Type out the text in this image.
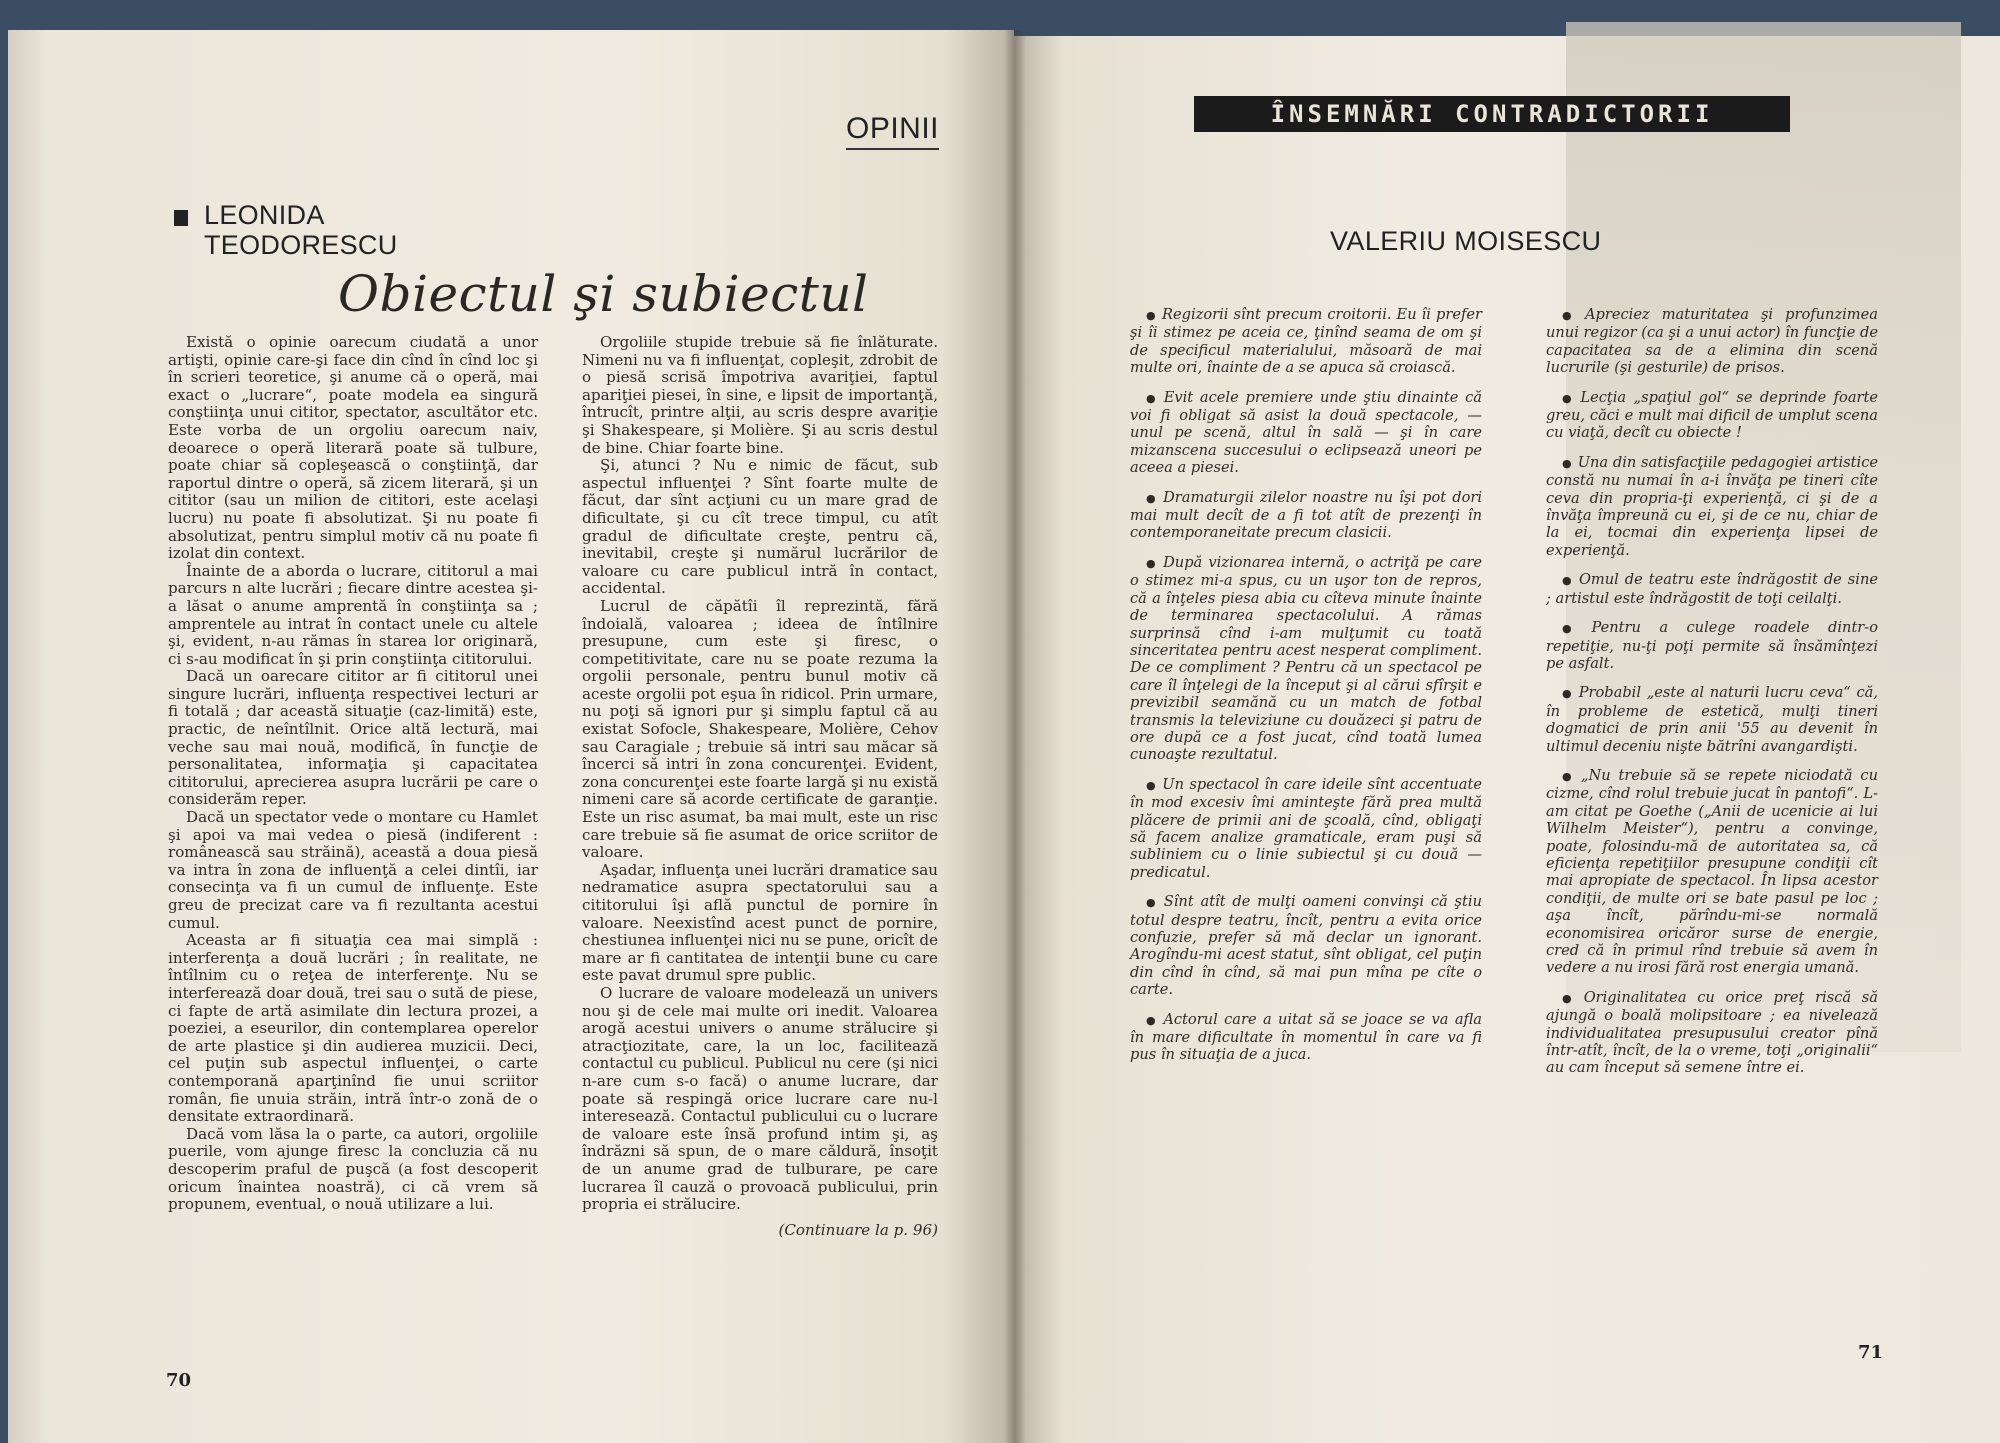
OPINII
LEONIDA
TEODORESCU
Obiectul şi subiectul

Există o opinie oarecum ciudată a unor artişti, opinie care-şi face din cînd în cînd loc şi în scrieri teoretice, şi anume că o operă, mai exact o „lucrare“, poate modela ea singură conştiinţa unui cititor, spectator, ascultător etc. Este vorba de un orgoliu oarecum naiv, deoarece o operă literară poate să tulbure, poate chiar să copleşească o conştiinţă, dar raportul dintre o operă, să zicem literară, şi un cititor (sau un milion de cititori, este acelaşi lucru) nu poate fi absolutizat. Şi nu poate fi absolutizat, pentru simplul motiv că nu poate fi izolat din context.

Înainte de a aborda o lucrare, cititorul a mai parcurs n alte lucrări ; fiecare dintre acestea şi-a lăsat o anume amprentă în conştiinţa sa ; amprentele au intrat în contact unele cu altele şi, evident, n-au rămas în starea lor originară, ci s-au modificat în şi prin conştiinţa cititorului.

Dacă un oarecare cititor ar fi cititorul unei singure lucrări, influenţa respectivei lecturi ar fi totală ; dar această situaţie (caz-limită) este, practic, de neîntîlnit. Orice altă lectură, mai veche sau mai nouă, modifică, în funcţie de personalitatea, informaţia şi capacitatea cititorului, aprecierea asupra lucrării pe care o considerăm reper.

Dacă un spectator vede o montare cu Hamlet şi apoi va mai vedea o piesă (indiferent : românească sau străină), această a doua piesă va intra în zona de influenţă a celei dintîi, iar consecinţa va fi un cumul de influenţe. Este greu de precizat care va fi rezultanta acestui cumul.

Aceasta ar fi situaţia cea mai simplă : interferenţa a două lucrări ; în realitate, ne întîlnim cu o reţea de interferenţe. Nu se interferează doar două, trei sau o sută de piese, ci fapte de artă asimilate din lectura prozei, a poeziei, a eseurilor, din contemplarea operelor de arte plastice şi din audierea muzicii. Deci, cel puţin sub aspectul influenţei, o carte contemporană aparţinînd fie unui scriitor român, fie unuia străin, intră într-o zonă de o densitate extraordinară.

Dacă vom lăsa la o parte, ca autori, orgoliile puerile, vom ajunge firesc la concluzia că nu descoperim praful de puşcă (a fost descoperit oricum înaintea noastră), ci că vrem să propunem, eventual, o nouă utilizare a lui.

Orgoliile stupide trebuie să fie înlăturate. Nimeni nu va fi influenţat, copleşit, zdrobit de o piesă scrisă împotriva avariţiei, faptul apariţiei piesei, în sine, e lipsit de importanţă, întrucît, printre alţii, au scris despre avariţie şi Shakespeare, şi Molière. Şi au scris destul de bine. Chiar foarte bine.

Şi, atunci ? Nu e nimic de făcut, sub aspectul influenţei ? Sînt foarte multe de făcut, dar sînt acţiuni cu un mare grad de dificultate, şi cu cît trece timpul, cu atît gradul de dificultate creşte, pentru că, inevitabil, creşte şi numărul lucrărilor de valoare cu care publicul intră în contact, accidental.

Lucrul de căpătîi îl reprezintă, fără îndoială, valoarea ; ideea de întîlnire presupune, cum este şi firesc, o competitivitate, care nu se poate rezuma la orgolii personale, pentru bunul motiv că aceste orgolii pot eşua în ridicol. Prin urmare, nu poţi să ignori pur şi simplu faptul că au existat Sofocle, Shakespeare, Molière, Cehov sau Caragiale ; trebuie să intri sau măcar să încerci să intri în zona concurenţei. Evident, zona concurenţei este foarte largă şi nu există nimeni care să acorde certificate de garanţie. Este un risc asumat, ba mai mult, este un risc care trebuie să fie asumat de orice scriitor de valoare.

Aşadar, influenţa unei lucrări dramatice sau nedramatice asupra spectatorului sau a cititorului îşi află punctul de pornire în valoare. Neexistînd acest punct de pornire, chestiunea influenţei nici nu se pune, oricît de mare ar fi cantitatea de intenţii bune cu care este pavat drumul spre public.

O lucrare de valoare modelează un univers nou şi de cele mai multe ori inedit. Valoarea arogă acestui univers o anume strălucire şi atracţiozitate, care, la un loc, facilitează contactul cu publicul. Publicul nu cere (şi nici n-are cum s-o facă) o anume lucrare, dar poate să respingă orice lucrare care nu-l interesează. Contactul publicului cu o lucrare de valoare este însă profund intim şi, aş îndrăzni să spun, de o mare căldură, însoţit de un anume grad de tulburare, pe care lucrarea îl cauză o provoacă publicului, prin propria ei strălucire.

(Continuare la p. 96)
70
ÎNSEMNĂRI CONTRADICTORII
VALERIU MOISESCU

● Regizorii sînt precum croitorii. Eu îi prefer şi îi stimez pe aceia ce, ţinînd seama de om şi de specificul materialului, măsoară de mai multe ori, înainte de a se apuca să croiască.

● Evit acele premiere unde ştiu dinainte că voi fi obligat să asist la două spectacole, — unul pe scenă, altul în sală — şi în care mizanscena succesului o eclipsează uneori pe aceea a piesei.

● Dramaturgii zilelor noastre nu îşi pot dori mai mult decît de a fi tot atît de prezenţi în contemporaneitate precum clasicii.

● După vizionarea internă, o actriţă pe care o stimez mi-a spus, cu un uşor ton de repros, că a înţeles piesa abia cu cîteva minute înainte de terminarea spectacolului. A rămas surprinsă cînd i-am mulţumit cu toată sinceritatea pentru acest nesperat compliment. De ce compliment ? Pentru că un spectacol pe care îl înţelegi de la început şi al cărui sfîrşit e previzibil seamănă cu un match de fotbal transmis la televiziune cu douăzeci şi patru de ore după ce a fost jucat, cînd toată lumea cunoaşte rezultatul.

● Un spectacol în care ideile sînt accentuate în mod excesiv îmi aminteşte fără prea multă plăcere de primii ani de şcoală, cînd, obligaţi să facem analize gramaticale, eram puşi să subliniem cu o linie subiectul şi cu două — predicatul.

● Sînt atît de mulţi oameni convinşi că ştiu totul despre teatru, încît, pentru a evita orice confuzie, prefer să mă declar un ignorant. Arogîndu-mi acest statut, sînt obligat, cel puţin din cînd în cînd, să mai pun mîna pe cîte o carte.

● Actorul care a uitat să se joace se va afla în mare dificultate în momentul în care va fi pus în situaţia de a juca.

● Apreciez maturitatea şi profunzimea unui regizor (ca şi a unui actor) în funcţie de capacitatea sa de a elimina din scenă lucrurile (şi gesturile) de prisos.

● Lecţia „spaţiul gol“ se deprinde foarte greu, căci e mult mai dificil de umplut scena cu viaţă, decît cu obiecte !

● Una din satisfacţiile pedagogiei artistice constă nu numai în a-i învăţa pe tineri cîte ceva din propria-ţi experienţă, ci şi de a învăţa împreună cu ei, şi de ce nu, chiar de la ei, tocmai din experienţa lipsei de experienţă.

● Omul de teatru este îndrăgostit de sine ; artistul este îndrăgostit de toţi ceilalţi.

● Pentru a culege roadele dintr-o repetiţie, nu-ţi poţi permite să însămînţezi pe asfalt.

● Probabil „este al naturii lucru ceva“ că, în probleme de estetică, mulţi tineri dogmatici de prin anii '55 au devenit în ultimul deceniu nişte bătrîni avangardişti.

● „Nu trebuie să se repete niciodată cu cizme, cînd rolul trebuie jucat în pantofi“. L-am citat pe Goethe („Anii de ucenicie ai lui Wilhelm Meister“), pentru a convinge, poate, folosindu-mă de autoritatea sa, că eficienţa repetiţiilor presupune condiţii cît mai apropiate de spectacol. În lipsa acestor condiţii, de multe ori se bate pasul pe loc ; aşa încît, părîndu-mi-se normală economisirea oricăror surse de energie, cred că în primul rînd trebuie să avem în vedere a nu irosi fără rost energia umană.

● Originalitatea cu orice preţ riscă să ajungă o boală molipsitoare ; ea nivelează individualitatea presupusului creator pînă într-atît, încît, de la o vreme, toţi „originalii“ au cam început să semene între ei.

71
